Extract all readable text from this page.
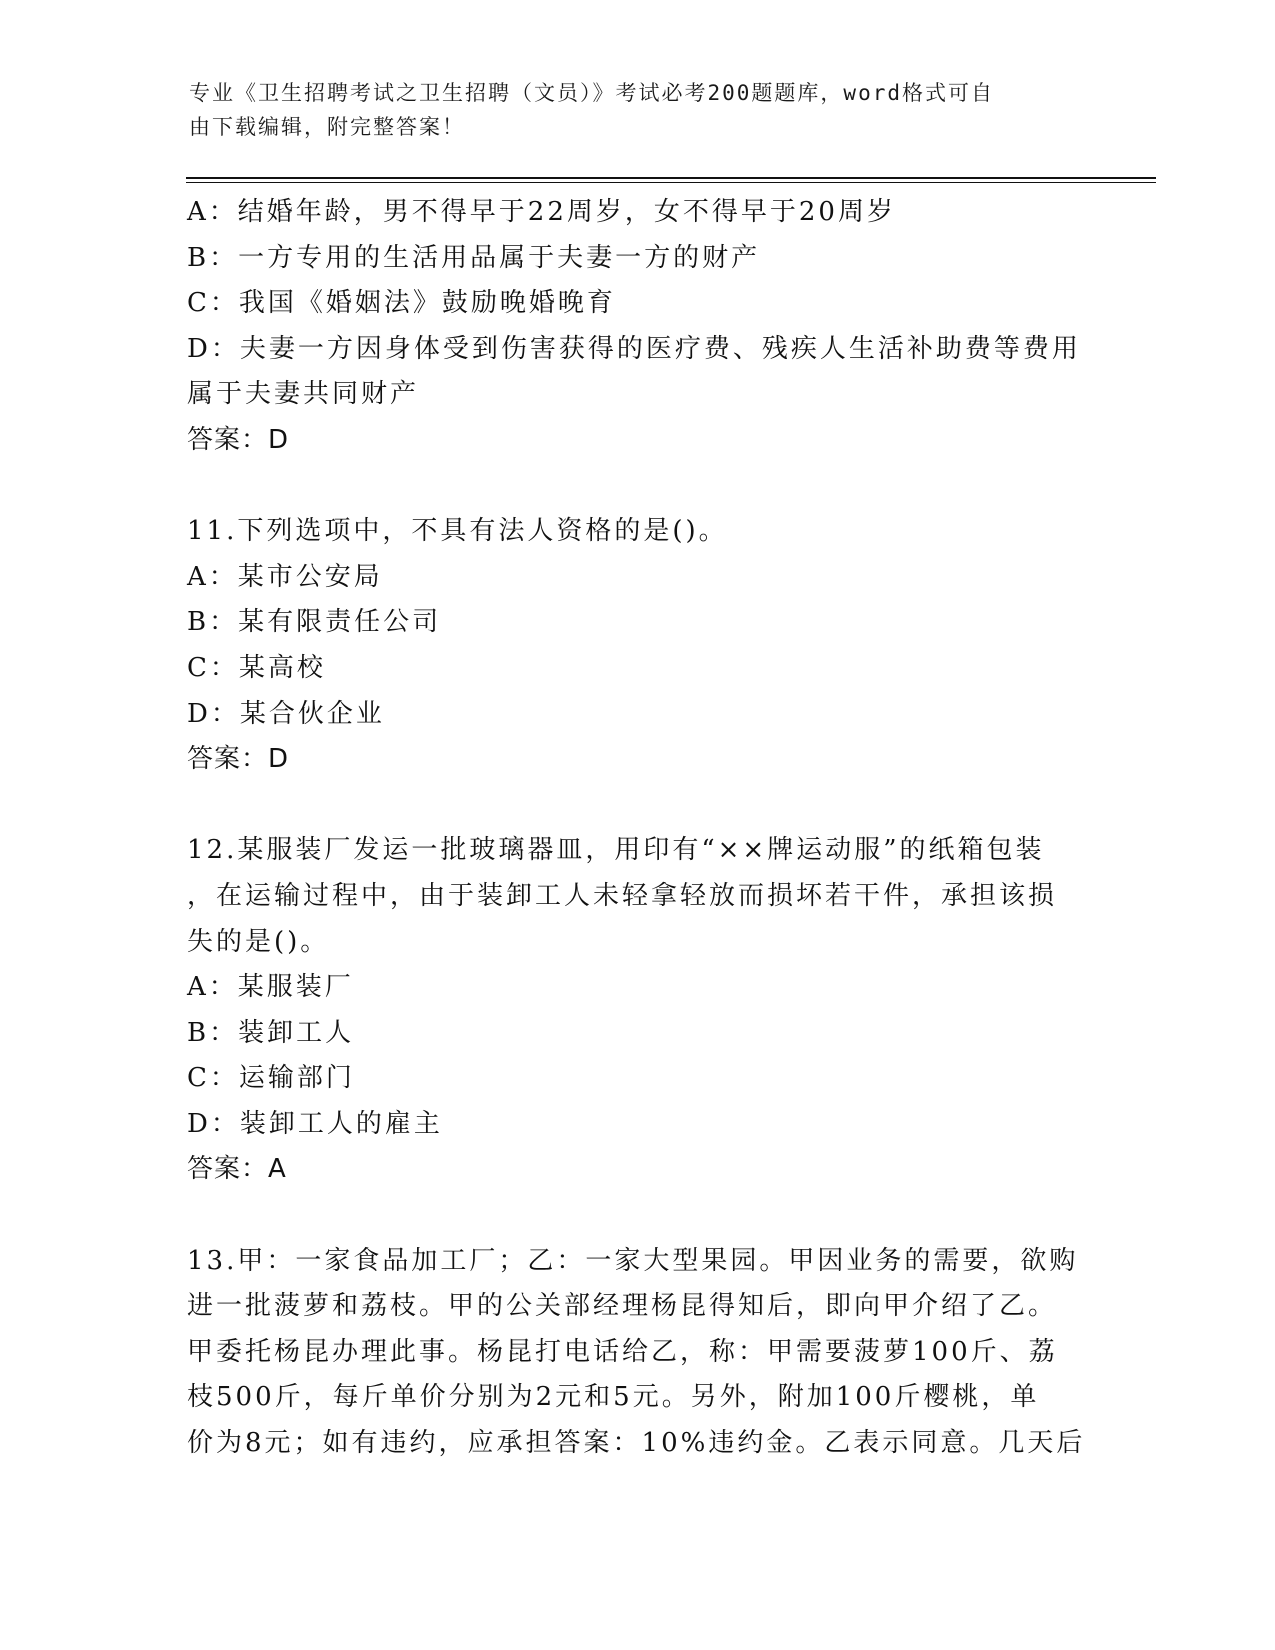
专业《卫生招聘考试之卫生招聘（文员）》考试必考200题题库，word格式可自
由下载编辑，附完整答案！

A：结婚年龄，男不得早于22周岁，女不得早于20周岁

B：一方专用的生活用品属于夫妻一方的财产

C：我国《婚姻法》鼓励晚婚晚育

D：夫妻一方因身体受到伤害获得的医疗费、残疾人生活补助费等费用

属于夫妻共同财产

答案：D

11.下列选项中，不具有法人资格的是()。

A：某市公安局

B：某有限责任公司

C：某高校

D：某合伙企业

答案：D

12.某服装厂发运一批玻璃器皿，用印有“××牌运动服”的纸箱包装

，在运输过程中，由于装卸工人未轻拿轻放而损坏若干件，承担该损

失的是()。

A：某服装厂

B：装卸工人

C：运输部门

D：装卸工人的雇主

答案：A

13.甲：一家食品加工厂；乙：一家大型果园。甲因业务的需要，欲购

进一批菠萝和荔枝。甲的公关部经理杨昆得知后，即向甲介绍了乙。

甲委托杨昆办理此事。杨昆打电话给乙，称：甲需要菠萝100斤、荔

枝500斤，每斤单价分别为2元和5元。另外，附加100斤樱桃，单

价为8元；如有违约，应承担答案：10%违约金。乙表示同意。几天后
